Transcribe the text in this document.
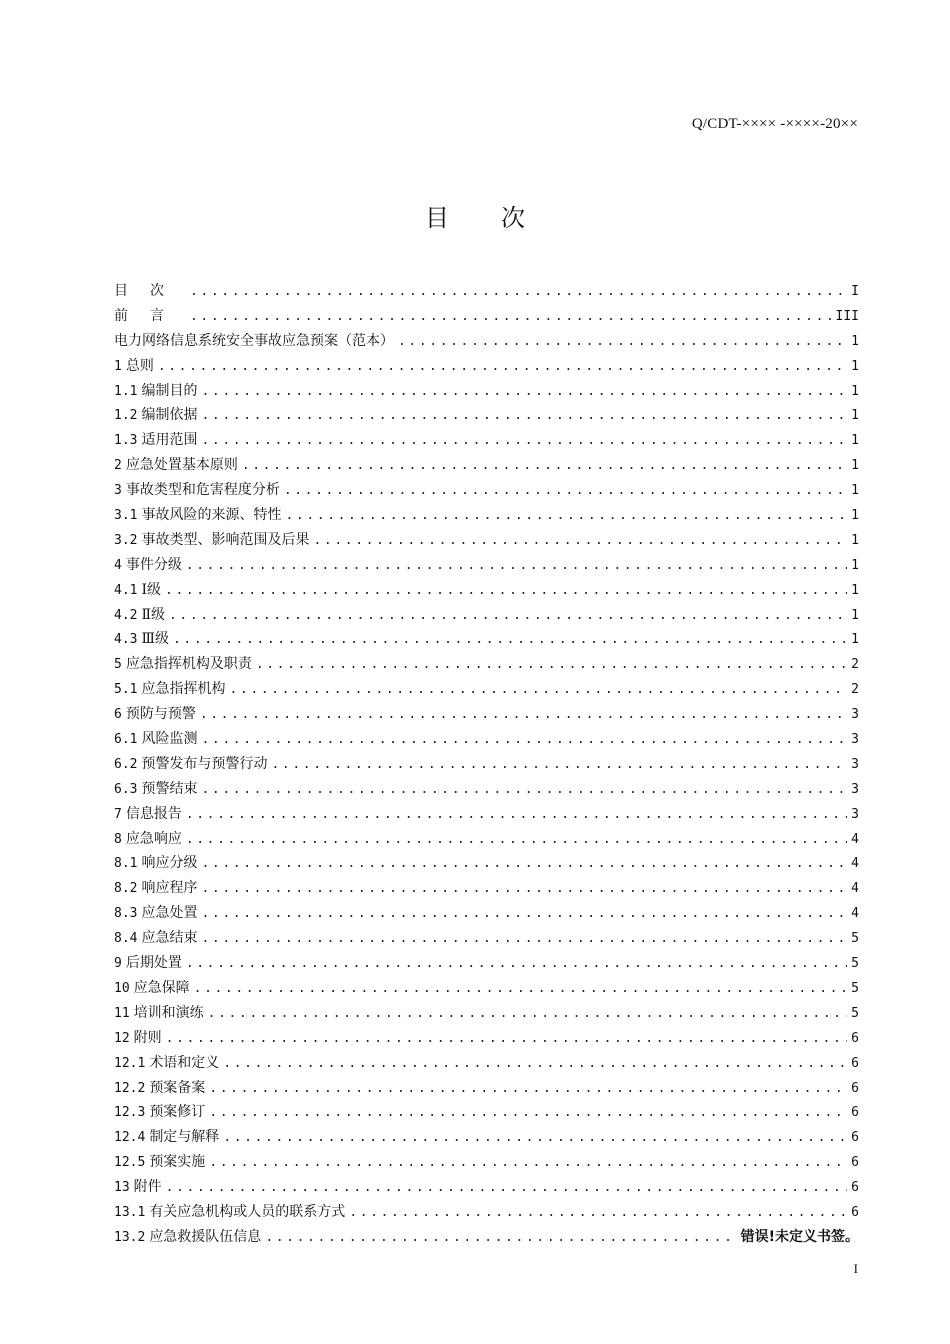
Q/CDT-×××× -××××-20××
目次
目次 .....	I
前言 .....	III
电力网络信息系统安全事故应急预案（范本） .....	1
1 总则 .....	1
1.1 编制目的 .....	1
1.2 编制依据 .....	1
1.3 适用范围 .....	1
2 应急处置基本原则 .....	1
3 事故类型和危害程度分析 .....	1
3.1 事故风险的来源、特性 .....	1
3.2 事故类型、影响范围及后果 .....	1
4 事件分级 .....	1
4.1 Ⅰ级 .....	1
4.2 Ⅱ级 .....	1
4.3 Ⅲ级 .....	1
5 应急指挥机构及职责 .....	2
5.1 应急指挥机构 .....	2
6 预防与预警 .....	3
6.1 风险监测 .....	3
6.2 预警发布与预警行动 .....	3
6.3 预警结束 .....	3
7 信息报告 .....	3
8 应急响应 .....	4
8.1 响应分级 .....	4
8.2 响应程序 .....	4
8.3 应急处置 .....	4
8.4 应急结束 .....	5
9 后期处置 .....	5
10 应急保障 .....	5
11 培训和演练 .....	5
12 附则 .....	6
12.1 术语和定义 .....	6
12.2 预案备案 .....	6
12.3 预案修订 .....	6
12.4 制定与解释 .....	6
12.5 预案实施 .....	6
13 附件 .....	6
13.1 有关应急机构或人员的联系方式 .....	6
13.2 应急救援队伍信息 .....	错误!未定义书签。
I
